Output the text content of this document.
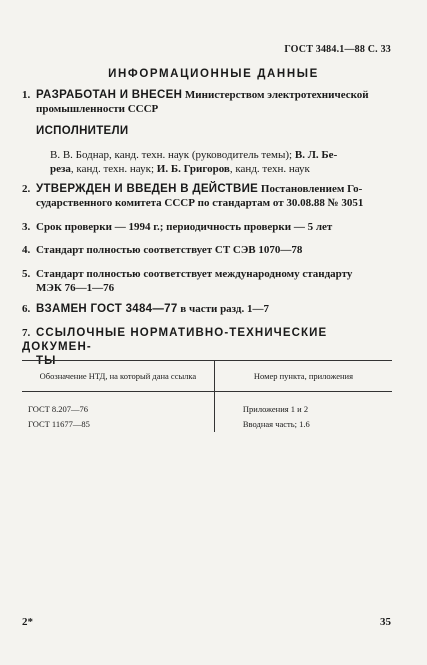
ГОСТ 3484.1—88 С. 33
ИНФОРМАЦИОННЫЕ ДАННЫЕ
1. РАЗРАБОТАН И ВНЕСЕН Министерством электротехнической
промышленности СССР
ИСПОЛНИТЕЛИ
В. В. Боднар, канд. техн. наук (руководитель темы); В. Л. Бе-
реза, канд. техн. наук; И. Б. Григоров, канд. техн. наук
2. УТВЕРЖДЕН И ВВЕДЕН В ДЕЙСТВИЕ Постановлением Го-
сударственного комитета СССР по стандартам от 30.08.88 № 3051
3. Срок проверки — 1994 г.; периодичность проверки — 5 лет
4. Стандарт полностью соответствует СТ СЭВ 1070—78
5. Стандарт полностью соответствует международному стандарту
МЭК 76—1—76
6. ВЗАМЕН ГОСТ 3484—77 в части разд. 1—7
7. ССЫЛОЧНЫЕ НОРМАТИВНО-ТЕХНИЧЕСКИЕ ДОКУМЕН-
ТЫ
Обозначение НТД, на который дана ссылка	Номер пункта, приложения
ГОСТ 8.207—76	Приложения 1 и 2
ГОСТ 11677—85	Вводная часть; 1.6
2*	35
